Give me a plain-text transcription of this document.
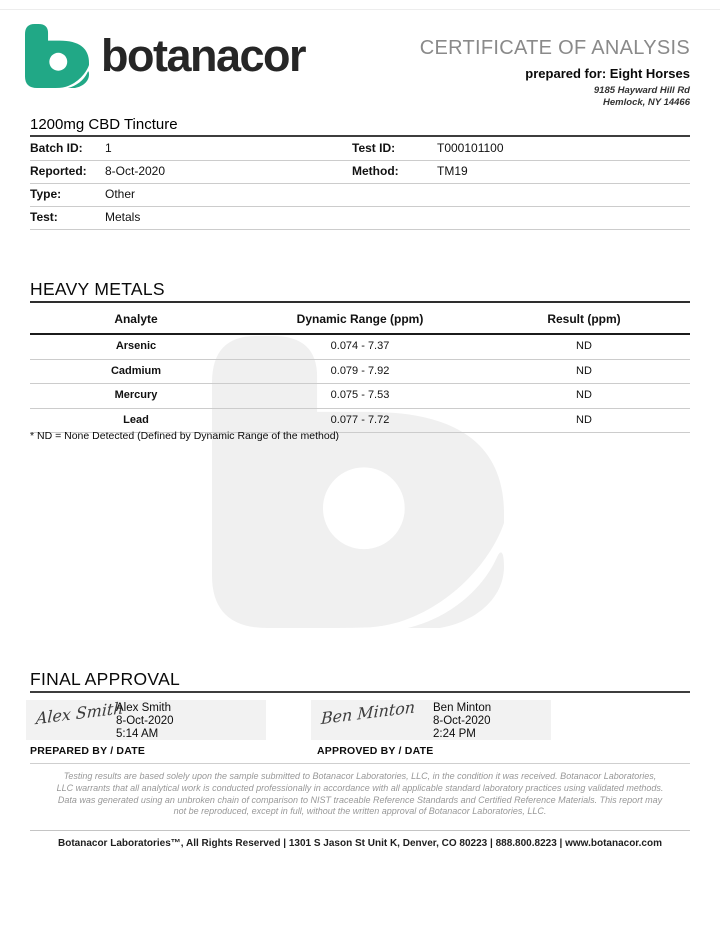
botanacor	CERTIFICATE OF ANALYSIS
prepared for: Eight Horses
9185 Hayward Hill Rd
Hemlock, NY 14466
1200mg CBD Tincture
Batch ID: 1	Test ID:	T000101100
Reported: 8-Oct-2020	Method:	TM19
Type:	Other
Test:	Metals
HEAVY METALS
Analyte	Dynamic Range (ppm)	Result (ppm)
Arsenic	0.074 - 7.37	ND
Cadmium	0.079 - 7.92	ND
Mercury	0.075 - 7.53	ND
Lead	0.077 - 7.72	ND
* ND = None Detected (Defined by Dynamic Range of the method)
FINAL APPROVAL
Alex Smith
Alex Smith
8-Oct-2020
5:14 AM
Ben Minton Ben Minton
8-Oct-2020
2:24 PM
PREPARED BY / DATE	APPROVED BY / DATE
Testing results are based solely upon the sample submitted to Botanacor Laboratories, LLC, in the condition it was received. Botanacor Laboratories, LLC warrants that all analytical work is conducted professionally in accordance with all applicable standard laboratory practices using validated methods. Data was generated using an unbroken chain of comparison to NIST traceable Reference Standards and Certified Reference Materials. This report may not be reproduced, except in full, without the written approval of Botanacor Laboratories, LLC.
Botanacor Laboratories™, All Rights Reserved | 1301 S Jason St Unit K, Denver, CO 80223 | 888.800.8223 | www.botanacor.com
